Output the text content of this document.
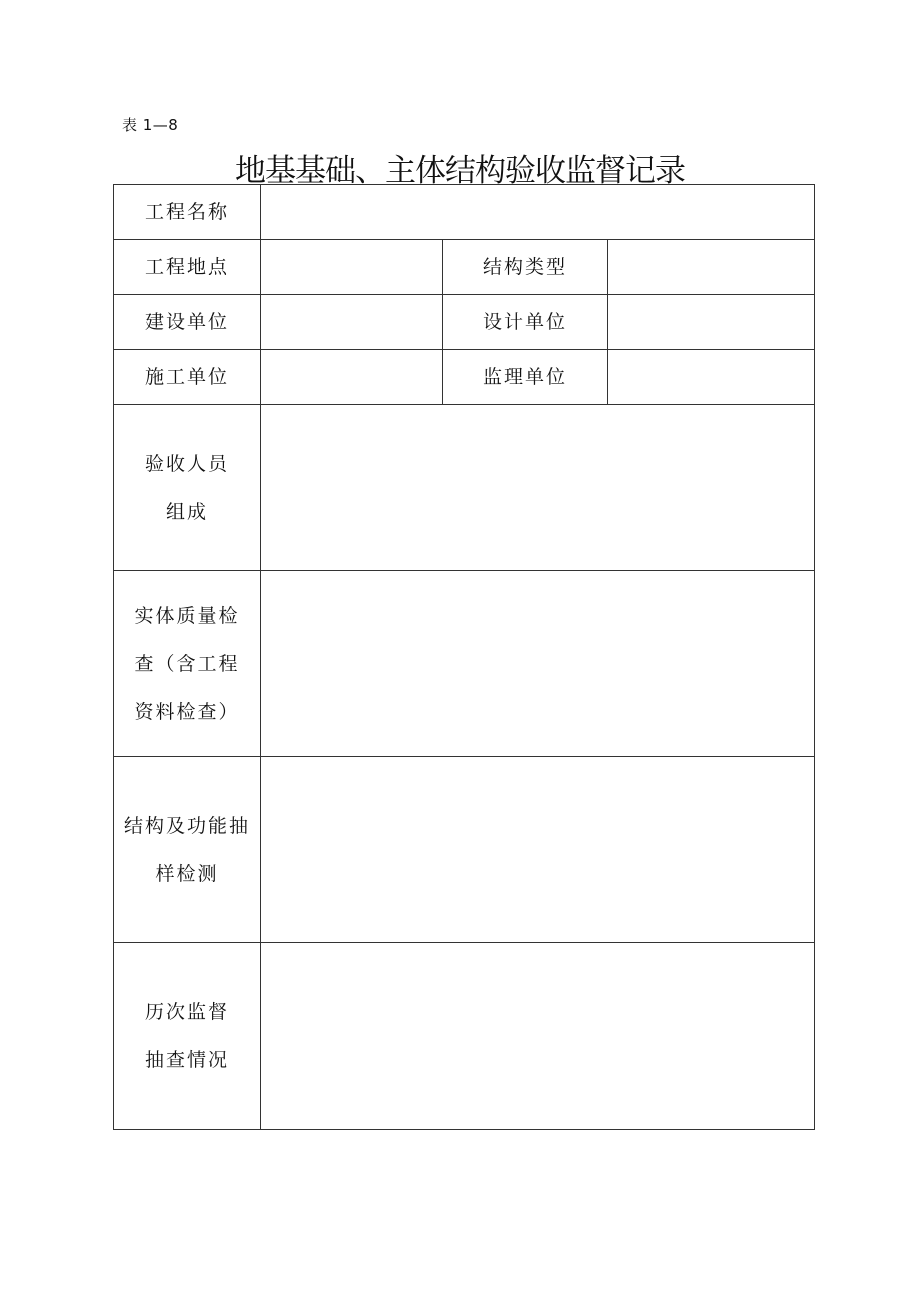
表 1—8
地基基础、主体结构验收监督记录
工程名称			
工程地点		结构类型	
建设单位		设计单位	
施工单位		监理单位	
验收人员组成			
实体质量检查（含工程资料检查）			
结构及功能抽样检测			
历次监督抽查情况			
